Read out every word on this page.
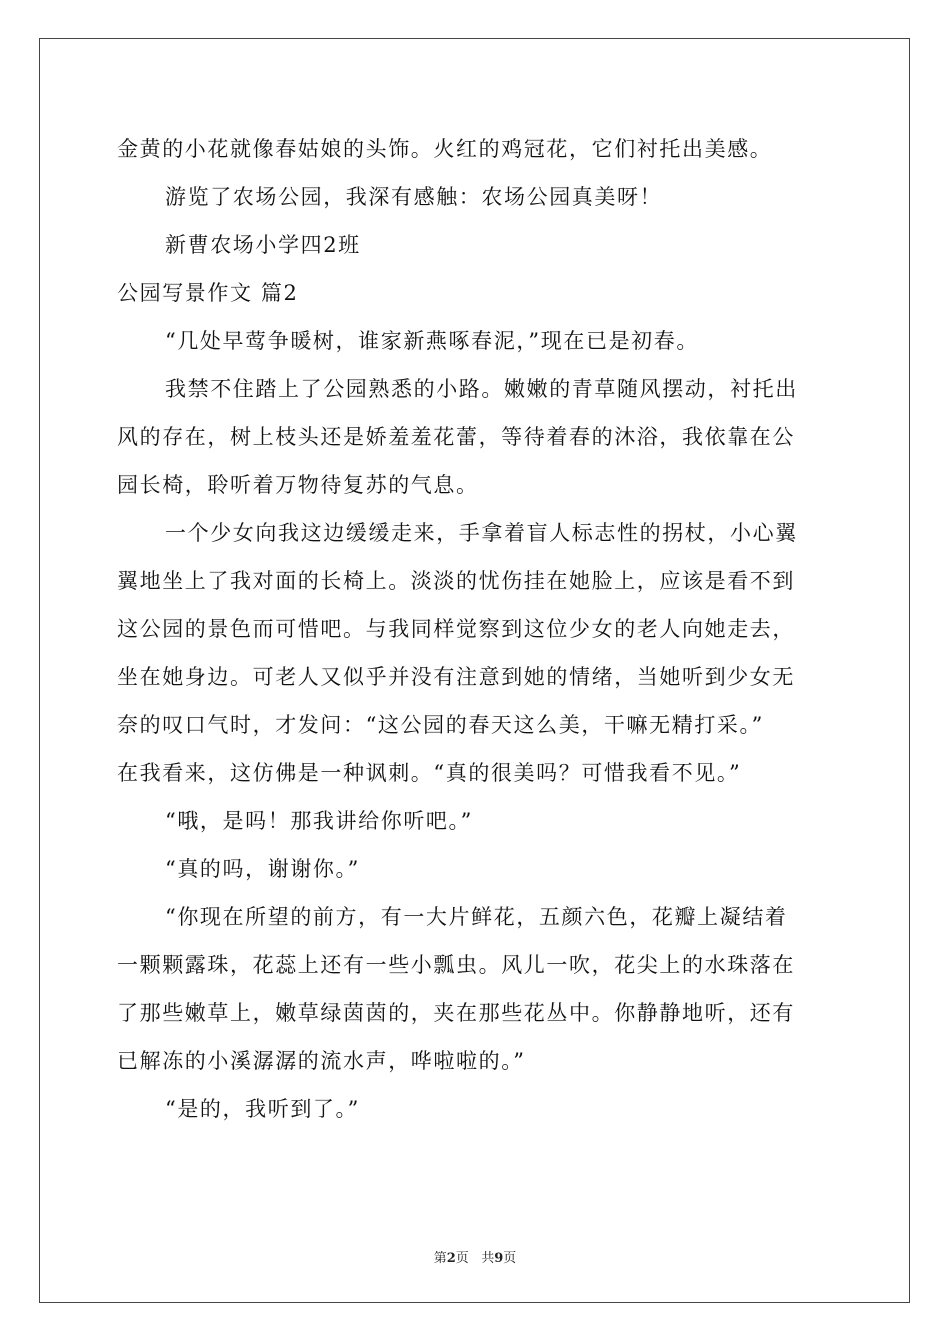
金黄的小花就像春姑娘的头饰。火红的鸡冠花，它们衬托出美感。
游览了农场公园，我深有感触：农场公园真美呀！
新曹农场小学四2班
公园写景作文 篇2
“几处早莺争暖树，谁家新燕啄春泥，”现在已是初春。
我禁不住踏上了公园熟悉的小路。嫩嫩的青草随风摆动，衬托出
风的存在，树上枝头还是娇羞羞花蕾，等待着春的沐浴，我依靠在公
园长椅，聆听着万物待复苏的气息。
一个少女向我这边缓缓走来，手拿着盲人标志性的拐杖，小心翼
翼地坐上了我对面的长椅上。淡淡的忧伤挂在她脸上，应该是看不到
这公园的景色而可惜吧。与我同样觉察到这位少女的老人向她走去，
坐在她身边。可老人又似乎并没有注意到她的情绪，当她听到少女无
奈的叹口气时，才发问：“这公园的春天这么美，干嘛无精打采。”
在我看来，这仿佛是一种讽刺。“真的很美吗？可惜我看不见。”
“哦，是吗！那我讲给你听吧。”
“真的吗，谢谢你。”
“你现在所望的前方，有一大片鲜花，五颜六色，花瓣上凝结着
一颗颗露珠，花蕊上还有一些小瓢虫。风儿一吹，花尖上的水珠落在
了那些嫩草上，嫩草绿茵茵的，夹在那些花丛中。你静静地听，还有
已解冻的小溪潺潺的流水声，哗啦啦的。”
“是的，我听到了。”
第2页 共9页
